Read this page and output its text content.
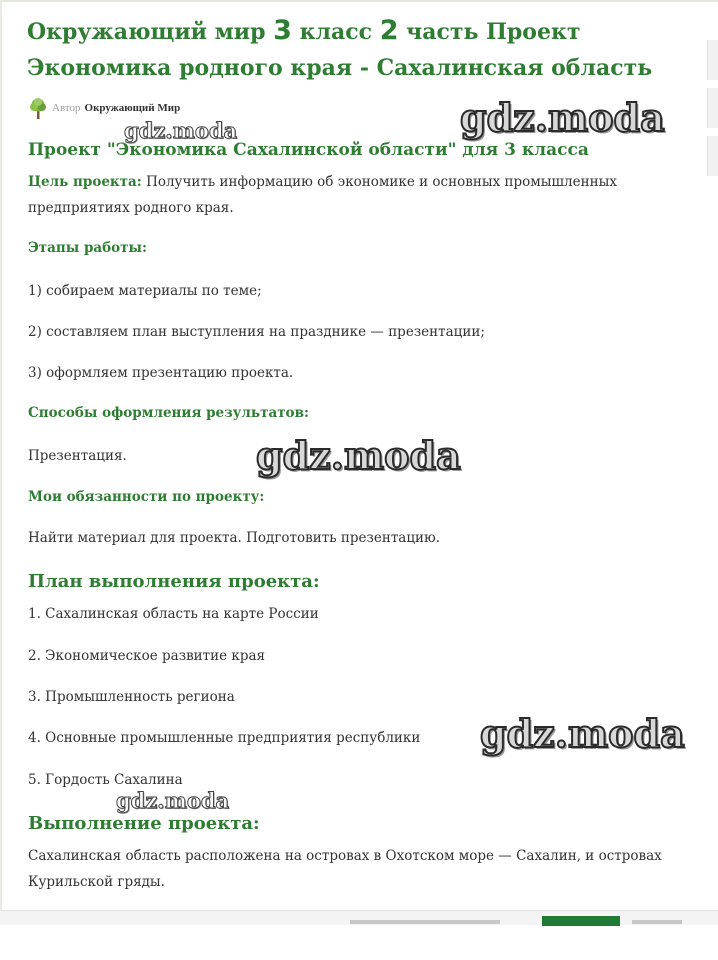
Окружающий мир 3 класс 2 часть Проект Экономика родного края - Сахалинская область
Автор Окружающий Мир
Проект "Экономика Сахалинской области" для 3 класса

Цель проекта: Получить информацию об экономике и основных промышленных предприятиях родного края.

Этапы работы:

1) собираем материалы по теме;

2) составляем план выступления на празднике — презентации;

3) оформляем презентацию проекта.

Способы оформления результатов:

Презентация.

Мои обязанности по проекту:

Найти материал для проекта. Подготовить презентацию.

План выполнения проекта:

1. Сахалинская область на карте России

2. Экономическое развитие края

3. Промышленность региона

4. Основные промышленные предприятия республики

5. Гордость Сахалина

Выполнение проекта:

Сахалинская область расположена на островах в Охотском море — Сахалин, и островах Курильской гряды.

gdz.moda
gdz.moda
gdz.moda
gdz.moda
gdz.moda
